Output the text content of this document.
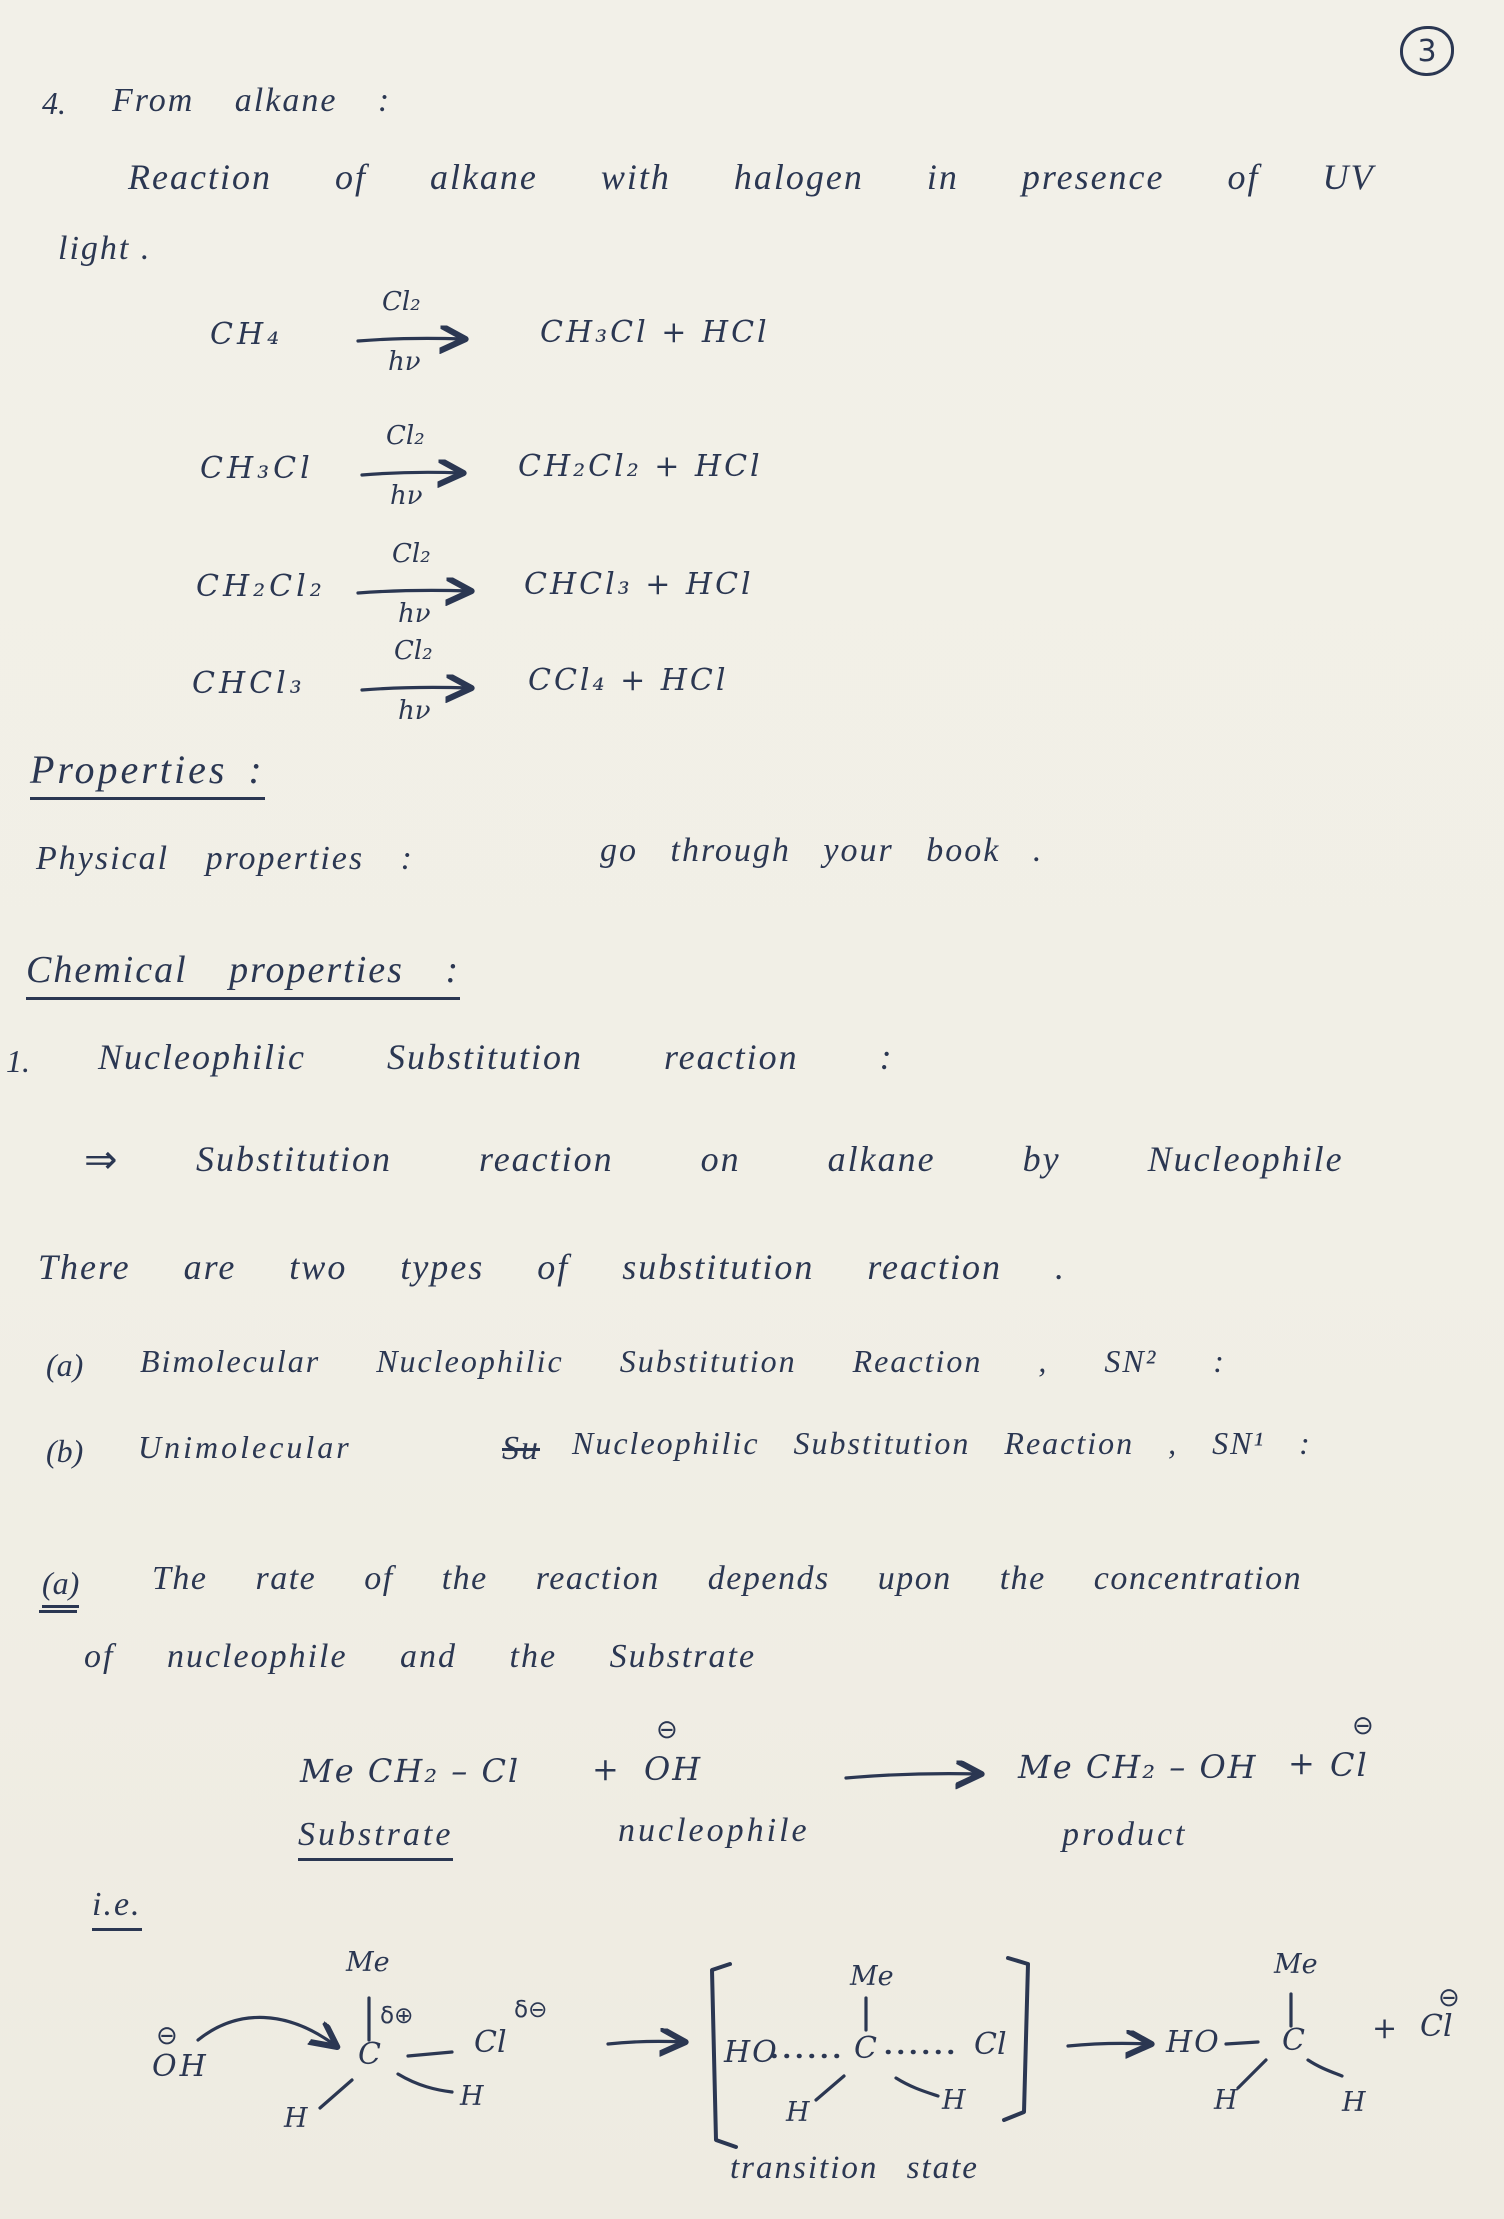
3
4. From alkane :
Reaction of alkane with halogen in presence of UV
light .
CH₄
Cl₂
hν
CH₃Cl + HCl
CH₃Cl
Cl₂
hν
CH₂Cl₂ + HCl
CH₂Cl₂
Cl₂
hν
CHCl₃ + HCl
CHCl₃
Cl₂
hν
CCl₄ + HCl
Properties :
Physical properties :	go through your book .
Chemical properties :
1. Nucleophilic Substitution reaction :
⇒ Substitution reaction on alkane by Nucleophile
There are two types of substitution reaction .
(a) Bimolecular Nucleophilic Substitution Reaction , SN² :
(b) Unimolecular	Su Nucleophilic Substitution Reaction , SN¹ :
(a) The rate of the reaction depends upon the concentration
of nucleophile and the Substrate
Me CH₂ – Cl +
⊖
OH	Me CH₂ – OH + Cl
⊖
Substrate	nucleophile	product
i.e.
⊖
OH
Me
δ⊕
C	Cl
δ⊖
H
H
HO
Me
C	Cl
H	H
transition state
HO
Me
C
H	H
+ Cl
⊖
